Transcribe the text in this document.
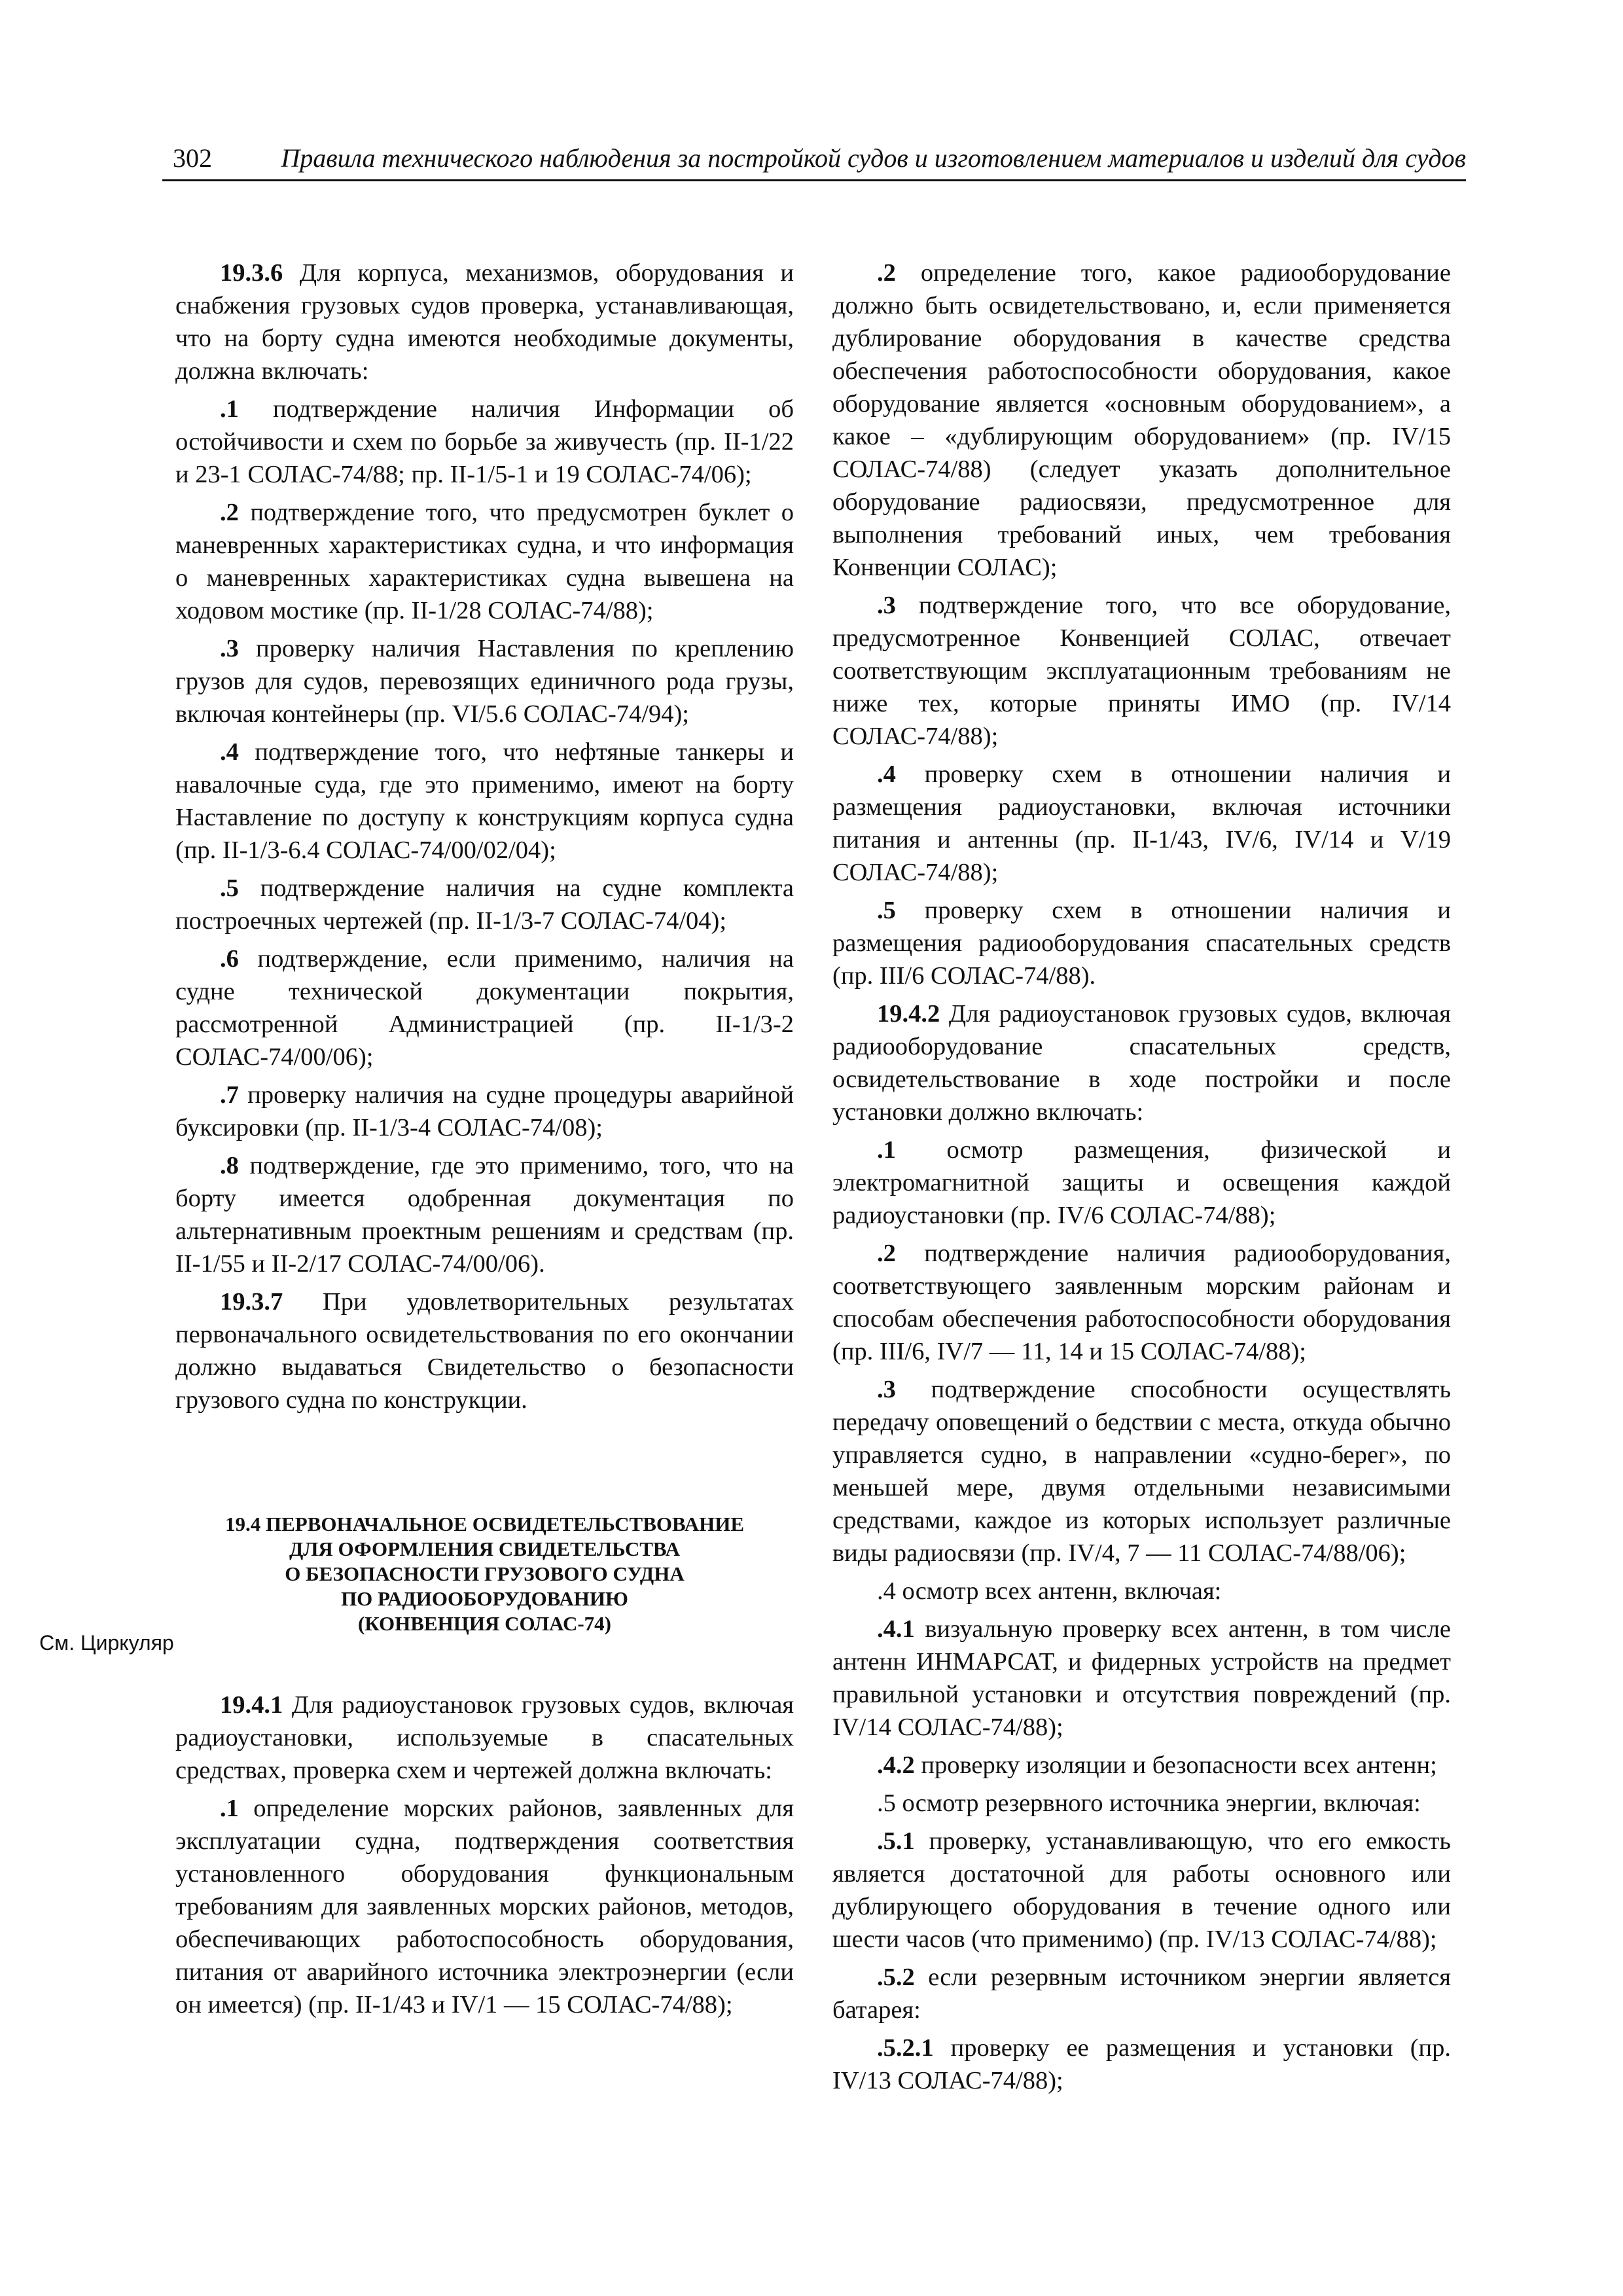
302	Правила технического наблюдения за постройкой судов и изготовлением материалов и изделий для судов
См. Циркуляр

19.3.6 Для корпуса, механизмов, оборудования и снабжения грузовых судов проверка, устанавливающая, что на борту судна имеются необходимые документы, должна включать:

.1 подтверждение наличия Информации об остойчивости и схем по борьбе за живучесть (пр. II-1/22 и 23-1 СОЛАС-74/88; пр. II-1/5-1 и 19 СОЛАС-74/06);

.2 подтверждение того, что предусмотрен буклет о маневренных характеристиках судна, и что информация о маневренных характеристиках судна вывешена на ходовом мостике (пр. II-1/28 СОЛАС-74/88);

.3 проверку наличия Наставления по креплению грузов для судов, перевозящих единичного рода грузы, включая контейнеры (пр. VI/5.6 СОЛАС-74/94);

.4 подтверждение того, что нефтяные танкеры и навалочные суда, где это применимо, имеют на борту Наставление по доступу к конструкциям корпуса судна (пр. II-1/3-6.4 СОЛАС-74/00/02/04);

.5 подтверждение наличия на судне комплекта построечных чертежей (пр. II-1/3-7 СОЛАС-74/04);

.6 подтверждение, если применимо, наличия на судне технической документации покрытия, рассмотренной Администрацией (пр. II-1/3-2 СОЛАС-74/00/06);

.7 проверку наличия на судне процедуры аварийной буксировки (пр. II-1/3-4 СОЛАС-74/08);

.8 подтверждение, где это применимо, того, что на борту имеется одобренная документация по альтернативным проектным решениям и средствам (пр. II-1/55 и II-2/17 СОЛАС-74/00/06).

19.3.7 При удовлетворительных результатах первоначального освидетельствования по его окончании должно выдаваться Свидетельство о безопасности грузового судна по конструкции.

19.4 ПЕРВОНАЧАЛЬНОЕ ОСВИДЕТЕЛЬСТВОВАНИЕ
ДЛЯ ОФОРМЛЕНИЯ СВИДЕТЕЛЬСТВА
О БЕЗОПАСНОСТИ ГРУЗОВОГО СУДНА
ПО РАДИООБОРУДОВАНИЮ
(КОНВЕНЦИЯ СОЛАС-74)

19.4.1 Для радиоустановок грузовых судов, включая радиоустановки, используемые в спасательных средствах, проверка схем и чертежей должна включать:

.1 определение морских районов, заявленных для эксплуатации судна, подтверждения соответствия установленного оборудования функциональным требованиям для заявленных морских районов, методов, обеспечивающих работоспособность оборудования, питания от аварийного источника электроэнергии (если он имеется) (пр. II-1/43 и IV/1 — 15 СОЛАС-74/88);

.2 определение того, какое радиооборудование должно быть освидетельствовано, и, если применяется дублирование оборудования в качестве средства обеспечения работоспособности оборудования, какое оборудование является «основным оборудованием», а какое – «дублирующим оборудованием» (пр. IV/15 СОЛАС-74/88) (следует указать дополнительное оборудование радиосвязи, предусмотренное для выполнения требований иных, чем требования Конвенции СОЛАС);

.3 подтверждение того, что все оборудование, предусмотренное Конвенцией СОЛАС, отвечает соответствующим эксплуатационным требованиям не ниже тех, которые приняты ИМО (пр. IV/14 СОЛАС-74/88);

.4 проверку схем в отношении наличия и размещения радиоустановки, включая источники питания и антенны (пр. II-1/43, IV/6, IV/14 и V/19 СОЛАС-74/88);

.5 проверку схем в отношении наличия и размещения радиооборудования спасательных средств (пр. III/6 СОЛАС-74/88).

19.4.2 Для радиоустановок грузовых судов, включая радиооборудование спасательных средств, освидетельствование в ходе постройки и после установки должно включать:

.1 осмотр размещения, физической и электромагнитной защиты и освещения каждой радиоустановки (пр. IV/6 СОЛАС-74/88);

.2 подтверждение наличия радиооборудования, соответствующего заявленным морским районам и способам обеспечения работоспособности оборудования (пр. III/6, IV/7 — 11, 14 и 15 СОЛАС-74/88);

.3 подтверждение способности осуществлять передачу оповещений о бедствии с места, откуда обычно управляется судно, в направлении «судно-берег», по меньшей мере, двумя отдельными независимыми средствами, каждое из которых использует различные виды радиосвязи (пр. IV/4, 7 — 11 СОЛАС-74/88/06);

.4 осмотр всех антенн, включая:

.4.1 визуальную проверку всех антенн, в том числе антенн ИНМАРСАТ, и фидерных устройств на предмет правильной установки и отсутствия повреждений (пр. IV/14 СОЛАС-74/88);

.4.2 проверку изоляции и безопасности всех антенн;

.5 осмотр резервного источника энергии, включая:

.5.1 проверку, устанавливающую, что его емкость является достаточной для работы основного или дублирующего оборудования в течение одного или шести часов (что применимо) (пр. IV/13 СОЛАС-74/88);

.5.2 если резервным источником энергии является батарея:

.5.2.1 проверку ее размещения и установки (пр. IV/13 СОЛАС-74/88);
